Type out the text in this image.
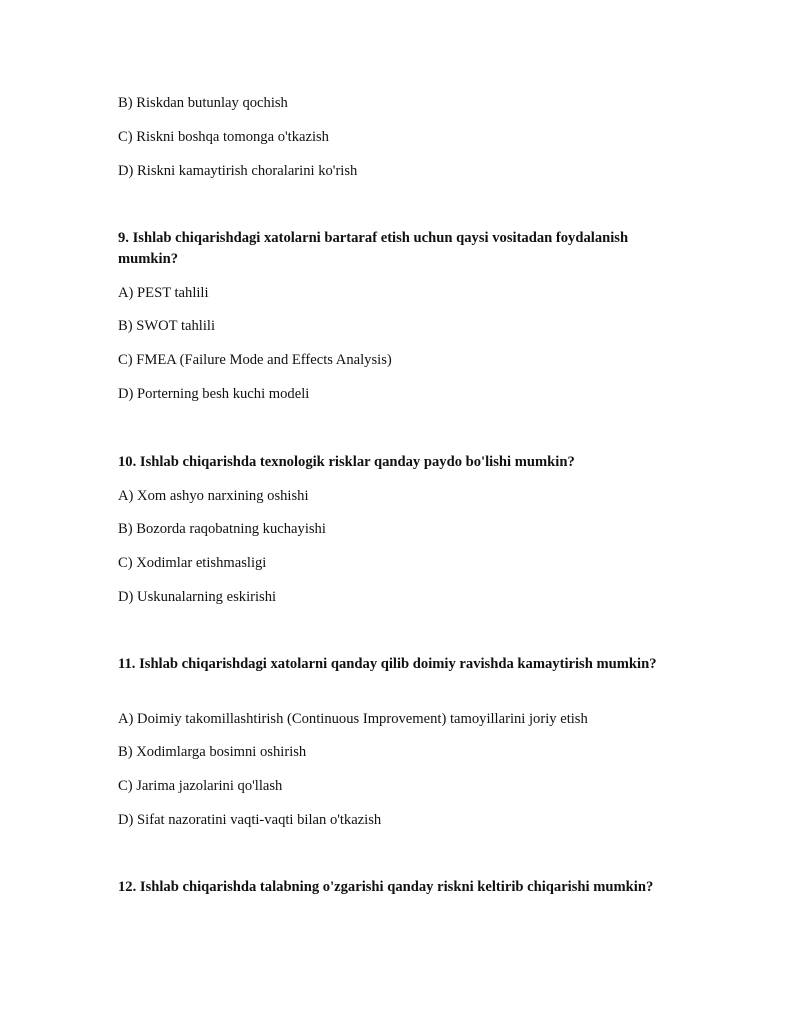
B) Riskdan butunlay qochish
C) Riskni boshqa tomonga o'tkazish
D) Riskni kamaytirish choralarini ko'rish
9. Ishlab chiqarishdagi xatolarni bartaraf etish uchun qaysi vositadan foydalanish mumkin?
A) PEST tahlili
B) SWOT tahlili
C) FMEA (Failure Mode and Effects Analysis)
D) Porterning besh kuchi modeli
10. Ishlab chiqarishda texnologik risklar qanday paydo bo'lishi mumkin?
A) Xom ashyo narxining oshishi
B) Bozorda raqobatning kuchayishi
C) Xodimlar etishmasligi
D) Uskunalarning eskirishi
11. Ishlab chiqarishdagi xatolarni qanday qilib doimiy ravishda kamaytirish mumkin?
A) Doimiy takomillashtirish (Continuous Improvement) tamoyillarini joriy etish
B) Xodimlarga bosimni oshirish
C) Jarima jazolarini qo'llash
D) Sifat nazoratini vaqti-vaqti bilan o'tkazish
12. Ishlab chiqarishda talabning o'zgarishi qanday riskni keltirib chiqarishi mumkin?
